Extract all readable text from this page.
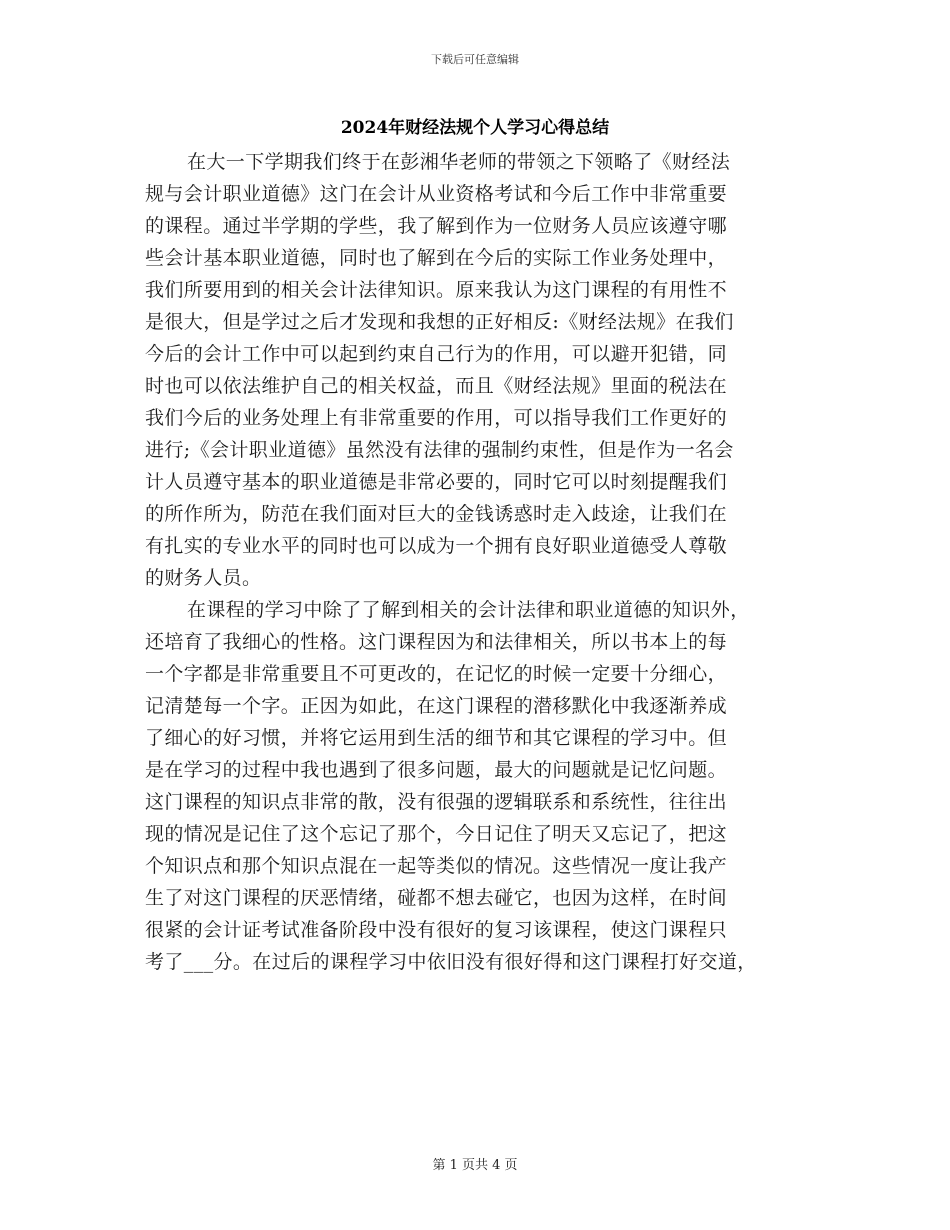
下载后可任意编辑
2024年财经法规个人学习心得总结
在大一下学期我们终于在彭湘华老师的带领之下领略了《财经法
规与会计职业道德》这门在会计从业资格考试和今后工作中非常重要
的课程。通过半学期的学些，我了解到作为一位财务人员应该遵守哪
些会计基本职业道德，同时也了解到在今后的实际工作业务处理中，
我们所要用到的相关会计法律知识。原来我认为这门课程的有用性不
是很大，但是学过之后才发现和我想的正好相反:《财经法规》在我们
今后的会计工作中可以起到约束自己行为的作用，可以避开犯错，同
时也可以依法维护自己的相关权益，而且《财经法规》里面的税法在
我们今后的业务处理上有非常重要的作用，可以指导我们工作更好的
进行;《会计职业道德》虽然没有法律的强制约束性，但是作为一名会
计人员遵守基本的职业道德是非常必要的，同时它可以时刻提醒我们
的所作所为，防范在我们面对巨大的金钱诱惑时走入歧途，让我们在
有扎实的专业水平的同时也可以成为一个拥有良好职业道德受人尊敬
的财务人员。
在课程的学习中除了了解到相关的会计法律和职业道德的知识外，
还培育了我细心的性格。这门课程因为和法律相关，所以书本上的每
一个字都是非常重要且不可更改的，在记忆的时候一定要十分细心，
记清楚每一个字。正因为如此，在这门课程的潜移默化中我逐渐养成
了细心的好习惯，并将它运用到生活的细节和其它课程的学习中。但
是在学习的过程中我也遇到了很多问题，最大的问题就是记忆问题。
这门课程的知识点非常的散，没有很强的逻辑联系和系统性，往往出
现的情况是记住了这个忘记了那个，今日记住了明天又忘记了，把这
个知识点和那个知识点混在一起等类似的情况。这些情况一度让我产
生了对这门课程的厌恶情绪，碰都不想去碰它，也因为这样，在时间
很紧的会计证考试准备阶段中没有很好的复习该课程，使这门课程只
考了___分。在过后的课程学习中依旧没有很好得和这门课程打好交道，
第 1 页共 4 页
